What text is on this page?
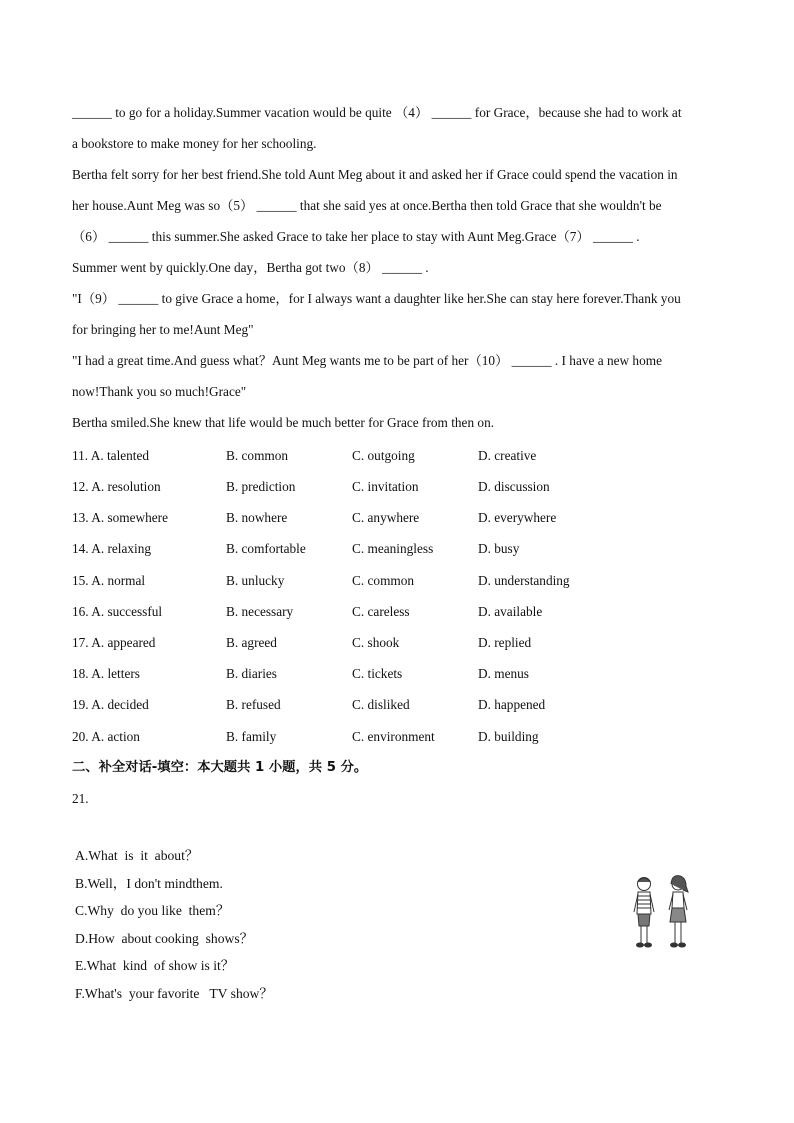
______ to go for a holiday.Summer vacation would be quite （4） ______ for Grace，because she had to work at
a bookstore to make money for her schooling.
Bertha felt sorry for her best friend.She told Aunt Meg about it and asked her if Grace could spend the vacation in
her house.Aunt Meg was so（5） ______ that she said yes at once.Bertha then told Grace that she wouldn't be
（6） ______ this summer.She asked Grace to take her place to stay with Aunt Meg.Grace（7） ______ .
Summer went by quickly.One day，Bertha got two（8） ______ .
"I（9） ______ to give Grace a home，for I always want a daughter like her.She can stay here forever.Thank you
for bringing her to me!Aunt Meg"
"I had a great time.And guess what？Aunt Meg wants me to be part of her（10） ______ . I have a new home
now!Thank you so much!Grace"
Bertha smiled.She knew that life would be much better for Grace from then on.
11. A. talented	B. common	C. outgoing	D. creative
12. A. resolution	B. prediction	C. invitation	D. discussion
13. A. somewhere	B. nowhere	C. anywhere	D. everywhere
14. A. relaxing	B. comfortable	C. meaningless	D. busy
15. A. normal	B. unlucky	C. common	D. understanding
16. A. successful	B. necessary	C. careless	D. available
17. A. appeared	B. agreed	C. shook	D. replied
18. A. letters	B. diaries	C. tickets	D. menus
19. A. decided	B. refused	C. disliked	D. happened
20. A. action	B. family	C. environment	D. building
二、补全对话-填空：本大题共 1 小题，共 5 分。
21.
A.What  is  it  about？
B.Well，I don't mindthem.
C.Why  do you like  them？
D.How  about cooking  shows？
E.What  kind  of show is it？
F.What's  your favorite   TV show？
